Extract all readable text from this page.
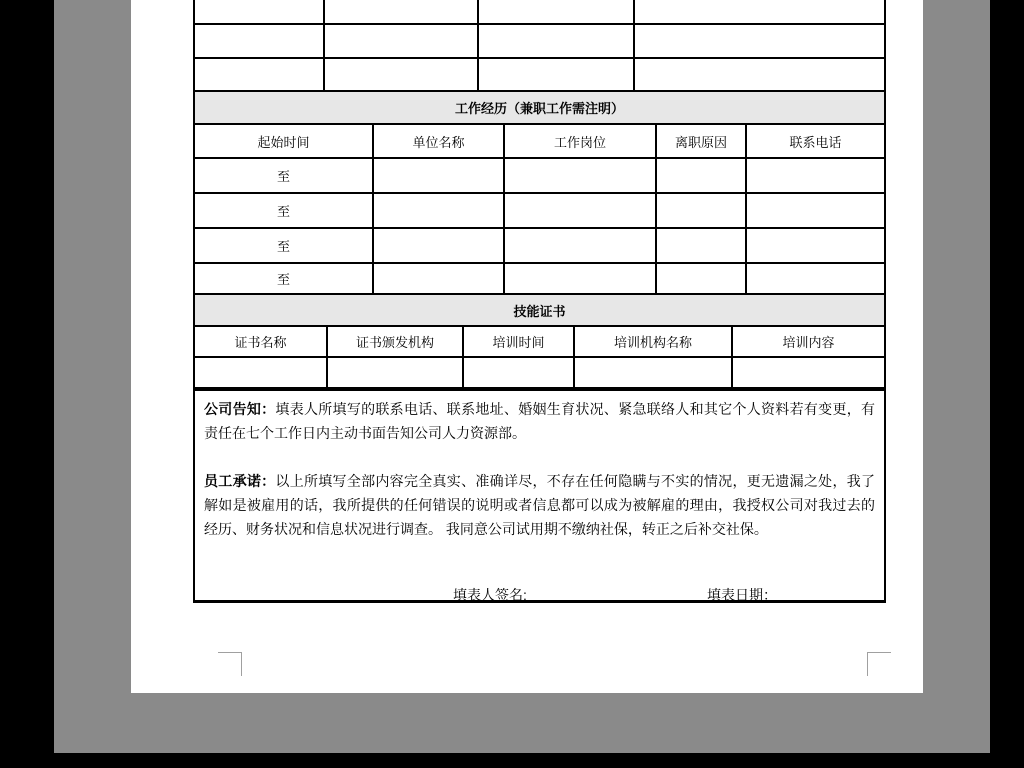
工作经历（兼职工作需注明）
起始时间	单位名称	工作岗位	离职原因	联系电话
至
至
至
至
技能证书
证书名称	证书颁发机构	培训时间	培训机构名称	培训内容

公司告知：填表人所填写的联系电话、联系地址、婚姻生育状况、紧急联络人和其它个人资料若有变更，有责任在七个工作日内主动书面告知公司人力资源部。

员工承诺：以上所填写全部内容完全真实、准确详尽，不存在任何隐瞒与不实的情况，更无遗漏之处，我了解如是被雇用的话，我所提供的任何错误的说明或者信息都可以成为被解雇的理由，我授权公司对我过去的经历、财务状况和信息状况进行调查。 我同意公司试用期不缴纳社保，转正之后补交社保。

填表人签名:	填表日期：
